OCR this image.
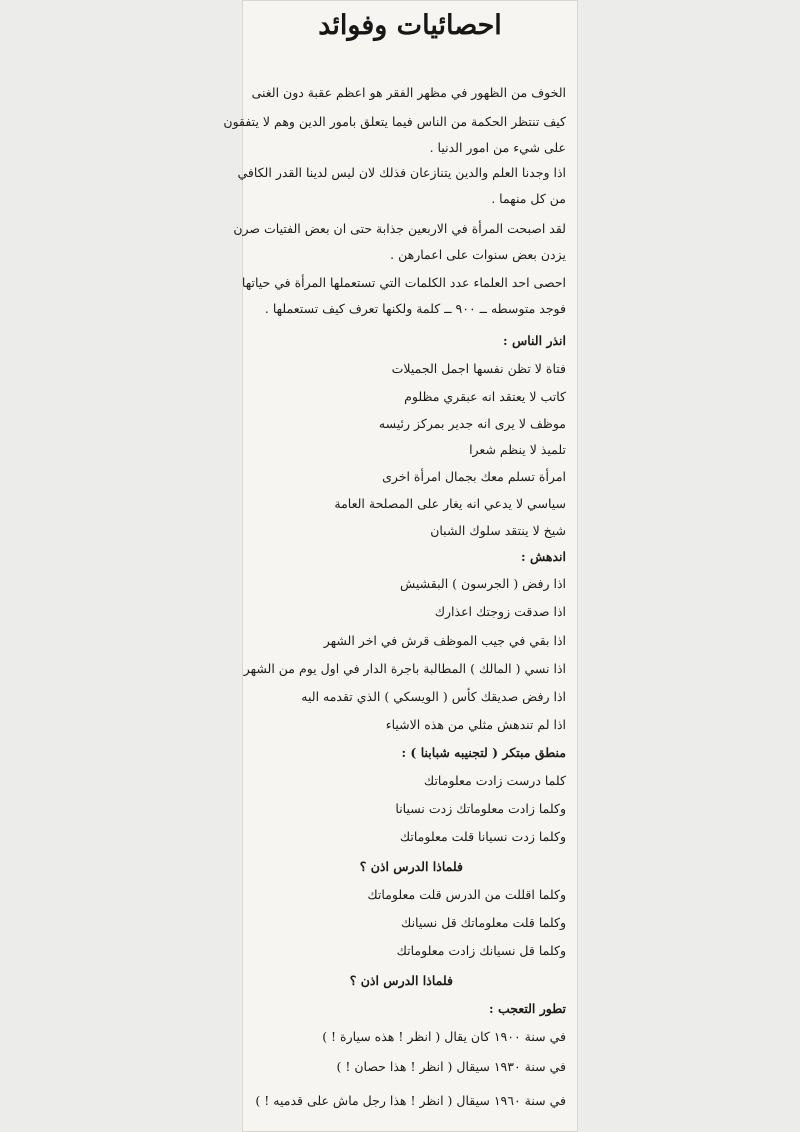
احصائيات وفوائد
الخوف من الظهور في مظهر الفقر هو اعظم عقبة دون الغنى
كيف تنتظر الحكمة من الناس فيما يتعلق بامور الدين وهم لا يتفقون
على شيء من امور الدنيا .
اذا وجدنا العلم والدين يتنازعان فذلك لان ليس لدينا القدر الكافي
من كل منهما .
لقد اصبحت المرأة في الاربعين جذابة حتى ان بعض الفتيات صرن
يزدن بعض سنوات على اعمارهن .
احصى احد العلماء عدد الكلمات التي تستعملها المرأة في حياتها
فوجد متوسطه ــ ٩٠٠ ــ كلمة ولكنها تعرف كيف تستعملها .
انذر الناس :
فتاة لا تظن نفسها اجمل الجميلات
كاتب لا يعتقد انه عبقري مظلوم
موظف لا يرى انه جدير بمركز رئيسه
تلميذ لا ينظم شعرا
امرأة تسلم معك بجمال امرأة اخرى
سياسي لا يدعي انه يغار على المصلحة العامة
شيخ لا ينتقد سلوك الشبان
اندهش :
اذا رفض ( الجرسون ) البقشيش
اذا صدقت زوجتك اعذارك
اذا بقي في جيب الموظف قرش في اخر الشهر
اذا نسي ( المالك ) المطالبة باجرة الدار في اول يوم من الشهر
اذا رفض صديقك كأس ( الويسكي ) الذي تقدمه اليه
اذا لم تندهش مثلي من هذه الاشياء
منطق مبتكر ( لتجنيبه شبابنا ) :
كلما درست زادت معلوماتك
وكلما زادت معلوماتك زدت نسيانا
وكلما زدت نسيانا قلت معلوماتك
فلماذا الدرس اذن ؟
وكلما اقللت من الدرس قلت معلوماتك
وكلما قلت معلوماتك قل نسيانك
وكلما قل نسيانك زادت معلوماتك
فلماذا الدرس اذن ؟
تطور التعجب :
في سنة ١٩٠٠ كان يقال ( انظر ! هذه سيارة ! )
في سنة ١٩٣٠ سيقال ( انظر ! هذا حصان ! )
في سنة ١٩٦٠ سيقال ( انظر ! هذا رجل ماش على قدميه ! )
